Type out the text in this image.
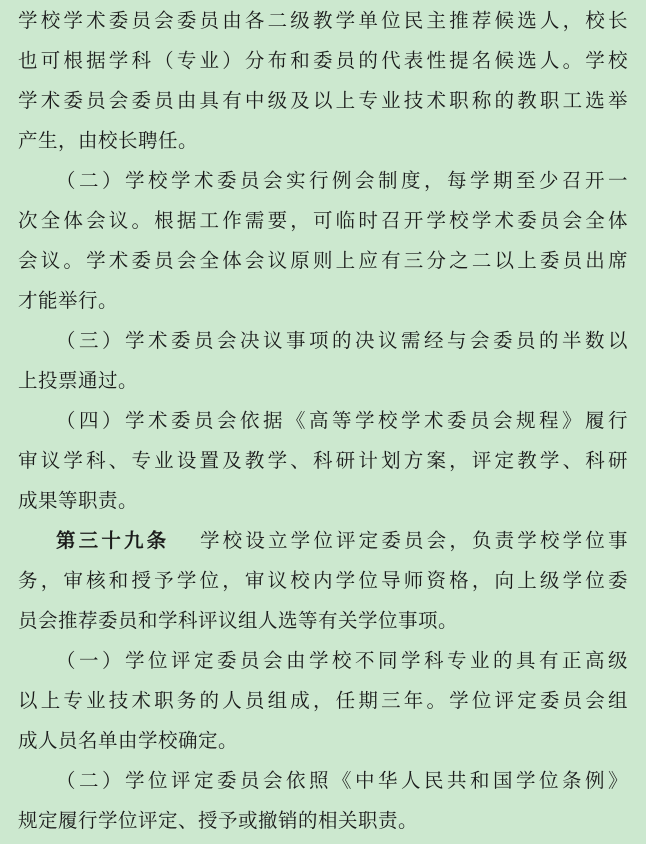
学校学术委员会委员由各二级教学单位民主推荐候选人，校长
也可根据学科（专业）分布和委员的代表性提名候选人。学校
学术委员会委员由具有中级及以上专业技术职称的教职工选举
产生，由校长聘任。
（二）学校学术委员会实行例会制度，每学期至少召开一
次全体会议。根据工作需要，可临时召开学校学术委员会全体
会议。学术委员会全体会议原则上应有三分之二以上委员出席
才能举行。
（三）学术委员会决议事项的决议需经与会委员的半数以
上投票通过。
（四）学术委员会依据《高等学校学术委员会规程》履行
审议学科、专业设置及教学、科研计划方案，评定教学、科研
成果等职责。
第三十九条 学校设立学位评定委员会，负责学校学位事
务，审核和授予学位，审议校内学位导师资格，向上级学位委
员会推荐委员和学科评议组人选等有关学位事项。
（一）学位评定委员会由学校不同学科专业的具有正高级
以上专业技术职务的人员组成，任期三年。学位评定委员会组
成人员名单由学校确定。
（二）学位评定委员会依照《中华人民共和国学位条例》
规定履行学位评定、授予或撤销的相关职责。
